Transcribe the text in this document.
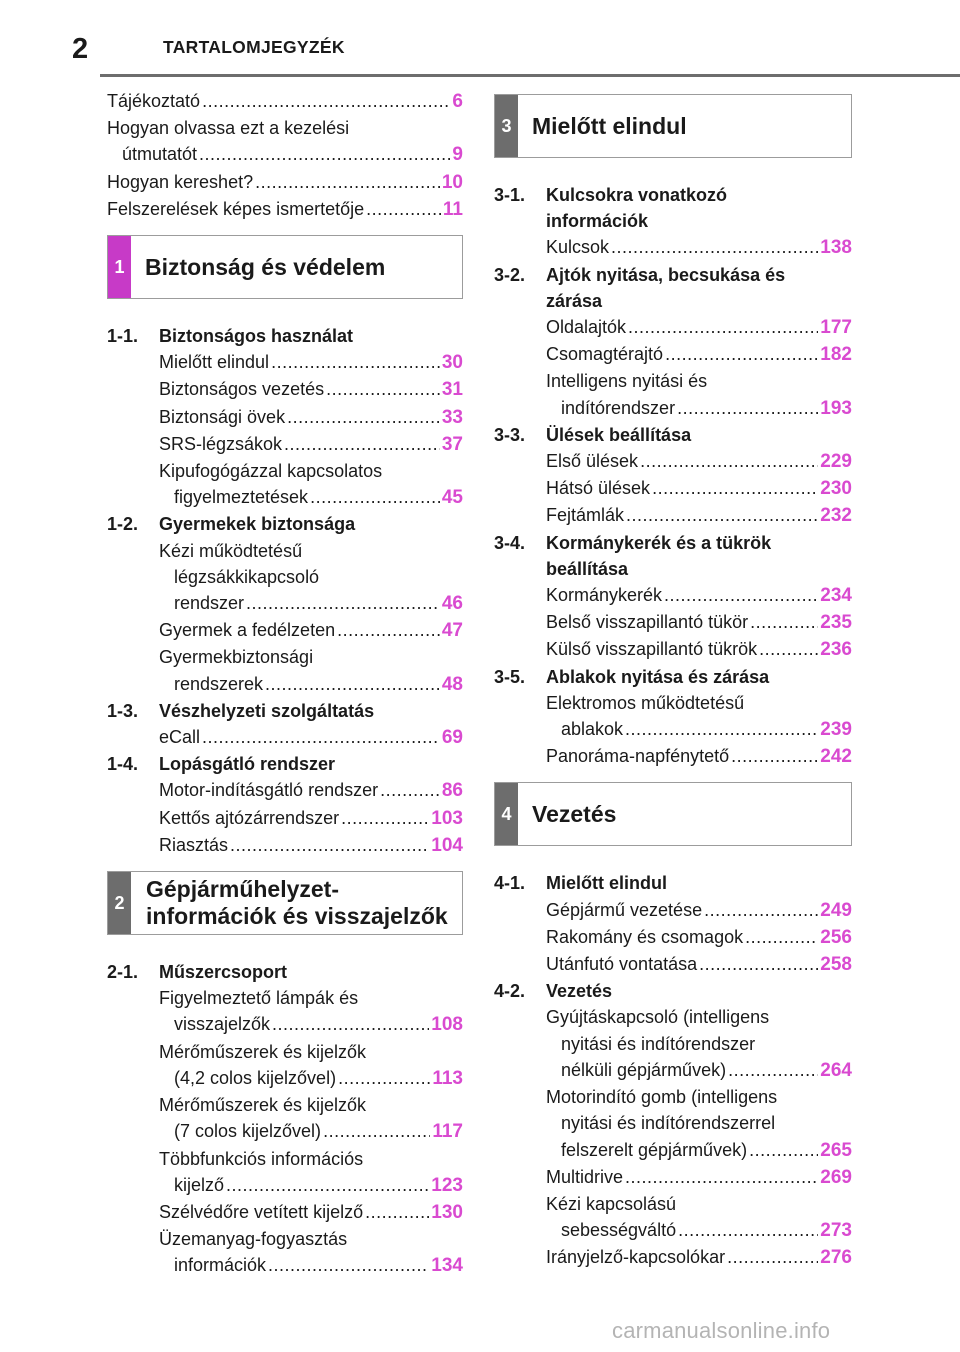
2	TARTALOMJEGYZÉK
Tájékoztató .....	6
Hogyan olvassa ezt a kezelési
útmutatót .....	9
Hogyan kereshet? .....	10
Felszerelések képes ismertetője .....	11
1 Biztonság és védelem
1-1.	Biztonságos használat
Mielőtt elindul .....	30
Biztonságos vezetés .....	31
Biztonsági övek .....	33
SRS-légzsákok .....	37
Kipufogógázzal kapcsolatos
figyelmeztetések .....	45
1-2.	Gyermekek biztonsága
Kézi működtetésű
légzsákkikapcsoló
rendszer .....	46
Gyermek a fedélzeten .....	47
Gyermekbiztonsági
rendszerek .....	48
1-3.	Vészhelyzeti szolgáltatás
eCall .....	69
1-4.	Lopásgátló rendszer
Motor-indításgátló rendszer .....	86
Kettős ajtózárrendszer .....	103
Riasztás .....	104
2
Gépjárműhelyzet-
információk és visszajelzők
2-1.	Műszercsoport
Figyelmeztető lámpák és
visszajelzők .....	108
Mérőműszerek és kijelzők
(4,2 colos kijelzővel) .....	113
Mérőműszerek és kijelzők
(7 colos kijelzővel) .....	117
Többfunkciós információs
kijelző .....	123
Szélvédőre vetített kijelző .....	130
Üzemanyag-fogyasztás
információk .....	134
3 Mielőtt elindul
3-1.	Kulcsokra vonatkozó
információk
Kulcsok .....	138
3-2.	Ajtók nyitása, becsukása és
zárása
Oldalajtók .....	177
Csomagtérajtó .....	182
Intelligens nyitási és
indítórendszer .....	193
3-3.	Ülések beállítása
Első ülések .....	229
Hátsó ülések .....	230
Fejtámlák .....	232
3-4.	Kormánykerék és a tükrök
beállítása
Kormánykerék .....	234
Belső visszapillantó tükör .....	235
Külső visszapillantó tükrök .....	236
3-5.	Ablakok nyitása és zárása
Elektromos működtetésű
ablakok .....	239
Panoráma-napfénytető .....	242
4 Vezetés
4-1.	Mielőtt elindul
Gépjármű vezetése .....	249
Rakomány és csomagok .....	256
Utánfutó vontatása .....	258
4-2.	Vezetés
Gyújtáskapcsoló (intelligens
nyitási és indítórendszer
nélküli gépjárművek) .....	264
Motorindító gomb (intelligens
nyitási és indítórendszerrel
felszerelt gépjárművek) .....	265
Multidrive .....	269
Kézi kapcsolású
sebességváltó .....	273
Irányjelző-kapcsolókar .....	276
carmanualsonline.info
